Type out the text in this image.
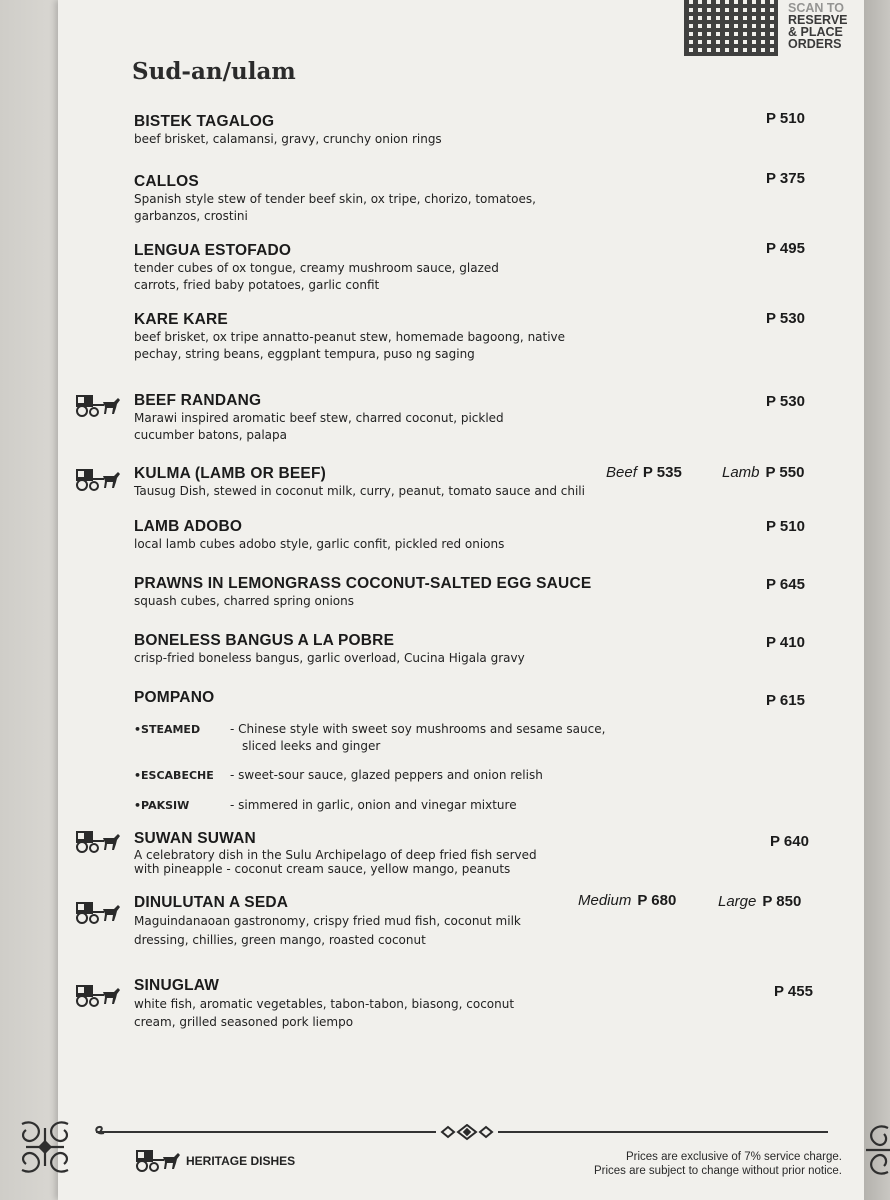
SCAN TO
RESERVE
& PLACE
ORDERS
Sud-an/ulam
BISTEK TAGALOG
beef brisket, calamansi, gravy, crunchy onion rings
P 510
CALLOS
Spanish style stew of tender beef skin, ox tripe, chorizo, tomatoes,
garbanzos, crostini
P 375
LENGUA ESTOFADO
tender cubes of ox tongue, creamy mushroom sauce, glazed
carrots, fried baby potatoes, garlic confit
P 495
KARE KARE
beef brisket, ox tripe annatto-peanut stew, homemade bagoong, native
pechay, string beans, eggplant tempura, puso ng saging
P 530
BEEF RANDANG
Marawi inspired aromatic beef stew, charred coconut, pickled
cucumber batons, palapa
P 530
KULMA (LAMB OR BEEF)
Tausug Dish, stewed in coconut milk, curry, peanut, tomato sauce and chili
Beef P 535	Lamb P 550
LAMB ADOBO
local lamb cubes adobo style, garlic confit, pickled red onions
P 510
PRAWNS IN LEMONGRASS COCONUT-SALTED EGG SAUCE
squash cubes, charred spring onions
P 645
BONELESS BANGUS A LA POBRE
crisp-fried boneless bangus, garlic overload, Cucina Higala gravy
P 410
POMPANO	P 615
•STEAMED - Chinese style with sweet soy mushrooms and sesame sauce,
sliced leeks and ginger
•ESCABECHE - sweet-sour sauce, glazed peppers and onion relish
•PAKSIW	- simmered in garlic, onion and vinegar mixture
SUWAN SUWAN
A celebratory dish in the Sulu Archipelago of deep fried fish served
with pineapple - coconut cream sauce, yellow mango, peanuts
P 640
DINULUTAN A SEDA
Maguindanaoan gastronomy, crispy fried mud fish, coconut milk
dressing, chillies, green mango, roasted coconut
Medium P 680	Large P 850
SINUGLAW
white fish, aromatic vegetables, tabon-tabon, biasong, coconut
cream, grilled seasoned pork liempo
P 455
HERITAGE DISHES	Prices are exclusive of 7% service charge.
Prices are subject to change without prior notice.
